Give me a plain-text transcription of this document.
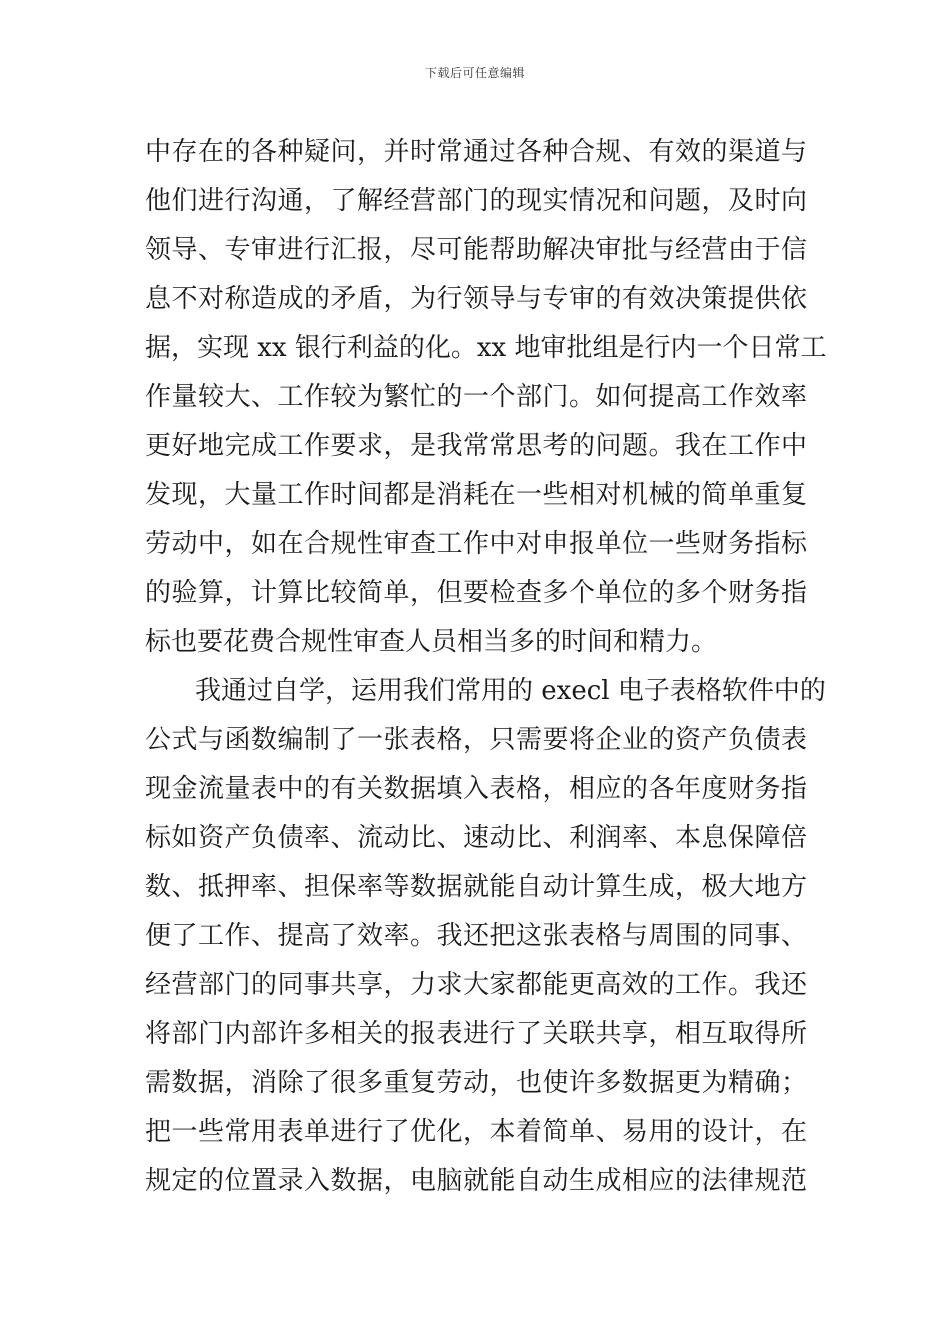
下载后可任意编辑
中存在的各种疑问，并时常通过各种合规、有效的渠道与
他们进行沟通，了解经营部门的现实情况和问题，及时向
领导、专审进行汇报，尽可能帮助解决审批与经营由于信
息不对称造成的矛盾，为行领导与专审的有效决策提供依
据，实现 xx 银行利益的化。xx 地审批组是行内一个日常工
作量较大、工作较为繁忙的一个部门。如何提高工作效率
更好地完成工作要求，是我常常思考的问题。我在工作中
发现，大量工作时间都是消耗在一些相对机械的简单重复
劳动中，如在合规性审查工作中对申报单位一些财务指标
的验算，计算比较简单，但要检查多个单位的多个财务指
标也要花费合规性审查人员相当多的时间和精力。
我通过自学，运用我们常用的 execl 电子表格软件中的
公式与函数编制了一张表格，只需要将企业的资产负债表
现金流量表中的有关数据填入表格，相应的各年度财务指
标如资产负债率、流动比、速动比、利润率、本息保障倍
数、抵押率、担保率等数据就能自动计算生成，极大地方
便了工作、提高了效率。我还把这张表格与周围的同事、
经营部门的同事共享，力求大家都能更高效的工作。我还
将部门内部许多相关的报表进行了关联共享，相互取得所
需数据，消除了很多重复劳动，也使许多数据更为精确；
把一些常用表单进行了优化，本着简单、易用的设计，在
规定的位置录入数据，电脑就能自动生成相应的法律规范
